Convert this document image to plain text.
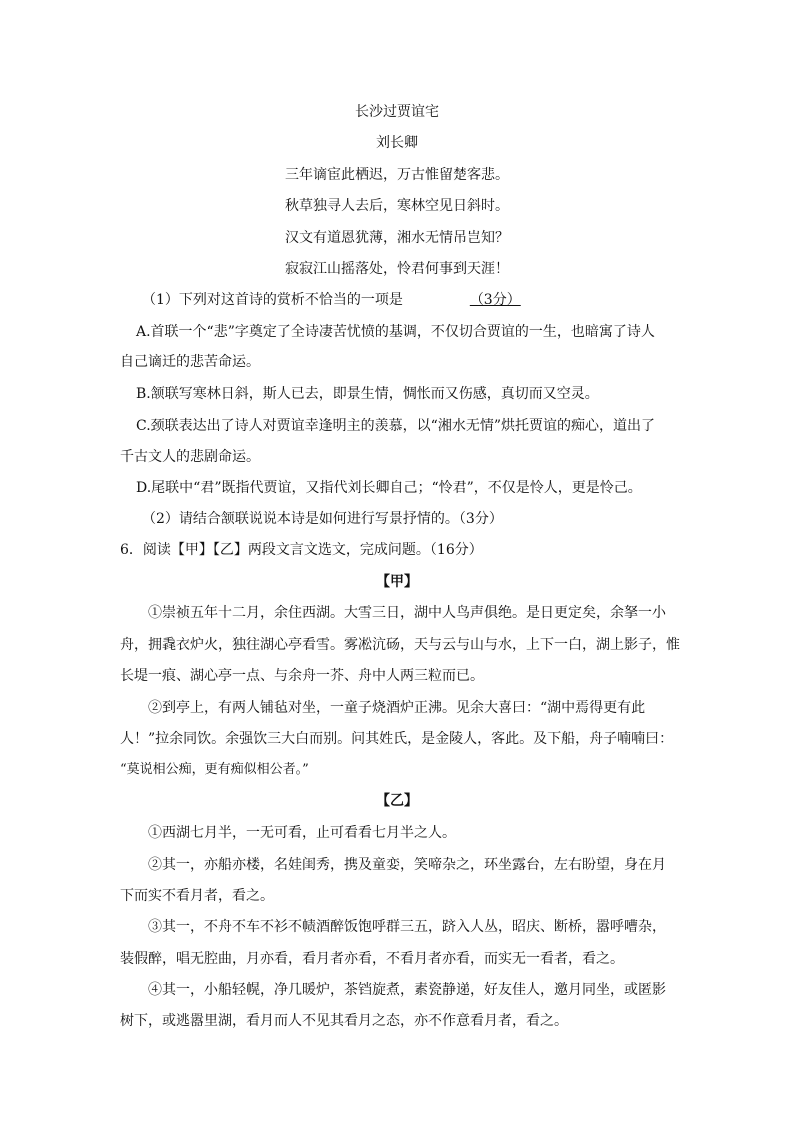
长沙过贾谊宅
刘长卿
三年谪宦此栖迟，万古惟留楚客悲。
秋草独寻人去后，寒林空见日斜时。
汉文有道恩犹薄，湘水无情吊岂知？
寂寂江山摇落处，怜君何事到天涯！
（1）下列对这首诗的赏析不恰当的一项是	（3分）
A.首联一个“悲”字奠定了全诗凄苦忧愤的基调，不仅切合贾谊的一生，也暗寓了诗人
自己谪迁的悲苦命运。
B.颔联写寒林日斜，斯人已去，即景生情，惆怅而又伤感，真切而又空灵。
C.颈联表达出了诗人对贾谊幸逢明主的羡慕，以“湘水无情”烘托贾谊的痴心，道出了
千古文人的悲剧命运。
D.尾联中“君”既指代贾谊，又指代刘长卿自己；“怜君”，不仅是怜人，更是怜己。
（2）请结合颔联说说本诗是如何进行写景抒情的。（3分）
6．阅读【甲】【乙】两段文言文选文，完成问题。（16分）
【甲】
①崇祯五年十二月，余住西湖。大雪三日，湖中人鸟声俱绝。是日更定矣，余拏一小
舟，拥毳衣炉火，独往湖心亭看雪。雾凇沆砀，天与云与山与水，上下一白，湖上影子，惟
长堤一痕、湖心亭一点、与余舟一芥、舟中人两三粒而已。
②到亭上，有两人铺毡对坐，一童子烧酒炉正沸。见余大喜曰：“湖中焉得更有此
人！”拉余同饮。余强饮三大白而别。问其姓氏，是金陵人，客此。及下船，舟子喃喃曰：
“莫说相公痴，更有痴似相公者。”
【乙】
①西湖七月半，一无可看，止可看看七月半之人。
②其一，亦船亦楼，名娃闺秀，携及童娈，笑啼杂之，环坐露台，左右盼望，身在月
下而实不看月者，看之。
③其一，不舟不车不衫不帻酒醉饭饱呼群三五，跻入人丛，昭庆、断桥，嚣呼嘈杂，
装假醉，唱无腔曲，月亦看，看月者亦看，不看月者亦看，而实无一看者，看之。
④其一，小船轻幌，净几暖炉，茶铛旋煮，素瓷静递，好友佳人，邀月同坐，或匿影
树下，或逃嚣里湖，看月而人不见其看月之态，亦不作意看月者，看之。
